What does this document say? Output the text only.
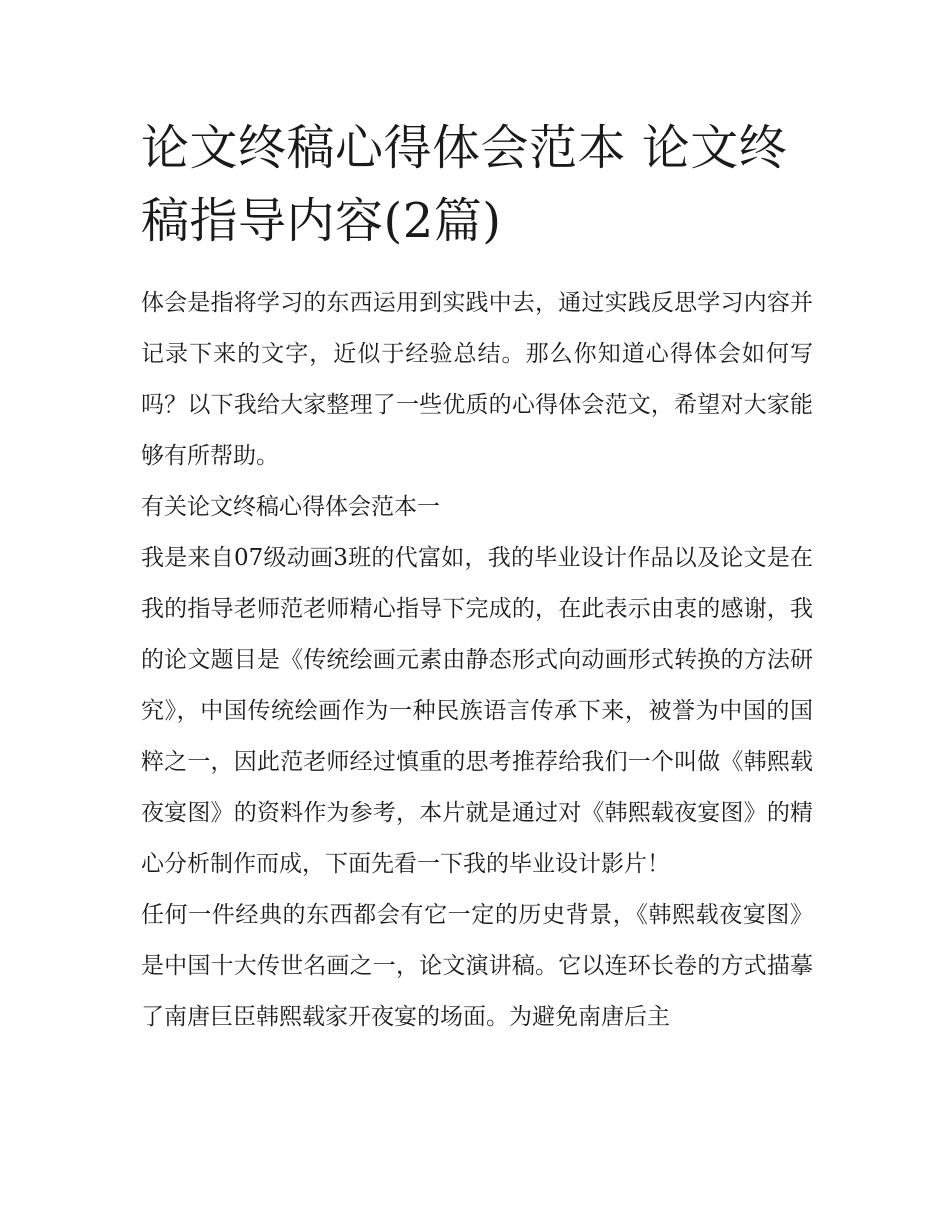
论文终稿心得体会范本 论文终稿指导内容(2篇)

体会是指将学习的东西运用到实践中去，通过实践反思学习内容并记录下来的文字，近似于经验总结。那么你知道心得体会如何写吗？以下我给大家整理了一些优质的心得体会范文，希望对大家能够有所帮助。

有关论文终稿心得体会范本一

我是来自07级动画3班的代富如，我的毕业设计作品以及论文是在我的指导老师范老师精心指导下完成的，在此表示由衷的感谢，我的论文题目是《传统绘画元素由静态形式向动画形式转换的方法研究》，中国传统绘画作为一种民族语言传承下来，被誉为中国的国粹之一，因此范老师经过慎重的思考推荐给我们一个叫做《韩熙载夜宴图》的资料作为参考，本片就是通过对《韩熙载夜宴图》的精心分析制作而成，下面先看一下我的毕业设计影片！

任何一件经典的东西都会有它一定的历史背景，《韩熙载夜宴图》是中国十大传世名画之一，论文演讲稿。它以连环长卷的方式描摹了南唐巨臣韩熙载家开夜宴的场面。为避免南唐后主
